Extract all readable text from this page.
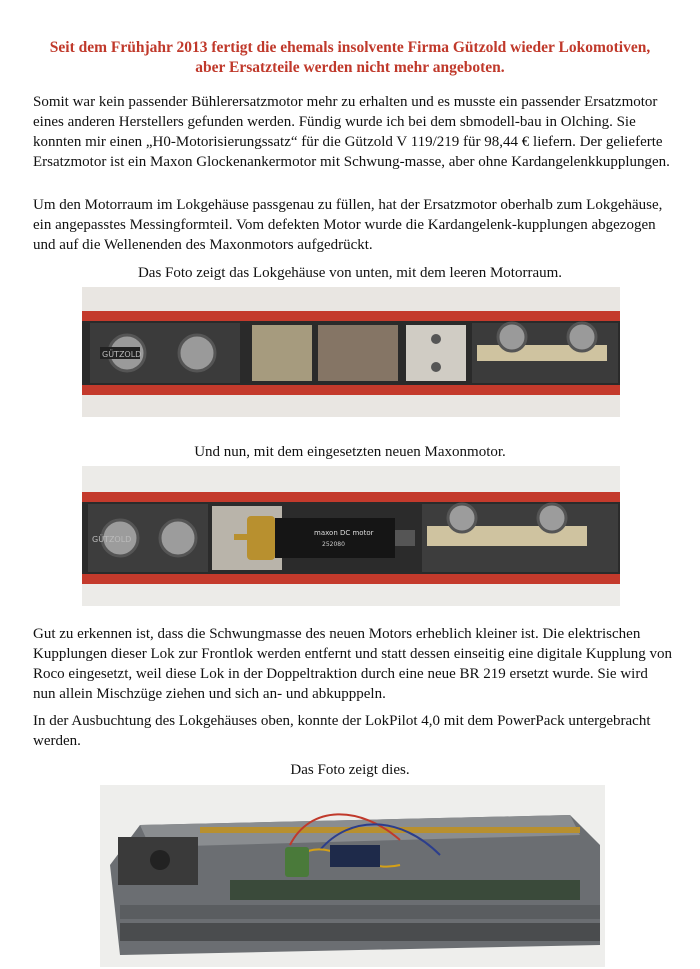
Seit dem Frühjahr 2013 fertigt die ehemals insolvente Firma Gützold wieder Lokomotiven, aber Ersatzteile werden nicht mehr angeboten.

Somit war kein passender Bühlerersatzmotor mehr zu erhalten und es musste ein passender Ersatzmotor eines anderen Herstellers gefunden werden. Fündig wurde ich bei dem sbmodell-bau in Olching. Sie konnten mir einen „H0-Motorisierungssatz“ für die Gützold V 119/219 für 98,44 € liefern. Der gelieferte Ersatzmotor ist ein Maxon Glockenankermotor mit Schwung-masse, aber ohne Kardangelenkkupplungen.

Um den Motorraum im Lokgehäuse passgenau zu füllen, hat der Ersatzmotor oberhalb zum Lokgehäuse, ein angepasstes Messingformteil. Vom defekten Motor wurde die Kardangelenk-kupplungen abgezogen und auf die Wellenenden des Maxonmotors aufgedrückt.

Das Foto zeigt das Lokgehäuse von unten, mit dem leeren Motorraum.
GÜTZOLD
Und nun, mit dem eingesetzten neuen Maxonmotor.
GÜTZOLD
maxon DC motor
252080

Gut zu erkennen ist, dass die Schwungmasse des neuen Motors erheblich kleiner ist. Die elektrischen Kupplungen dieser Lok zur Frontlok werden entfernt und statt dessen einseitig eine digitale Kupplung von Roco eingesetzt, weil diese Lok in der Doppeltraktion durch eine neue BR 219 ersetzt wurde. Sie wird nun allein Mischzüge ziehen und sich an- und abkupppeln.

In der Ausbuchtung des Lokgehäuses oben, konnte der LokPilot 4,0 mit dem PowerPack untergebracht werden.

Das Foto zeigt dies.
